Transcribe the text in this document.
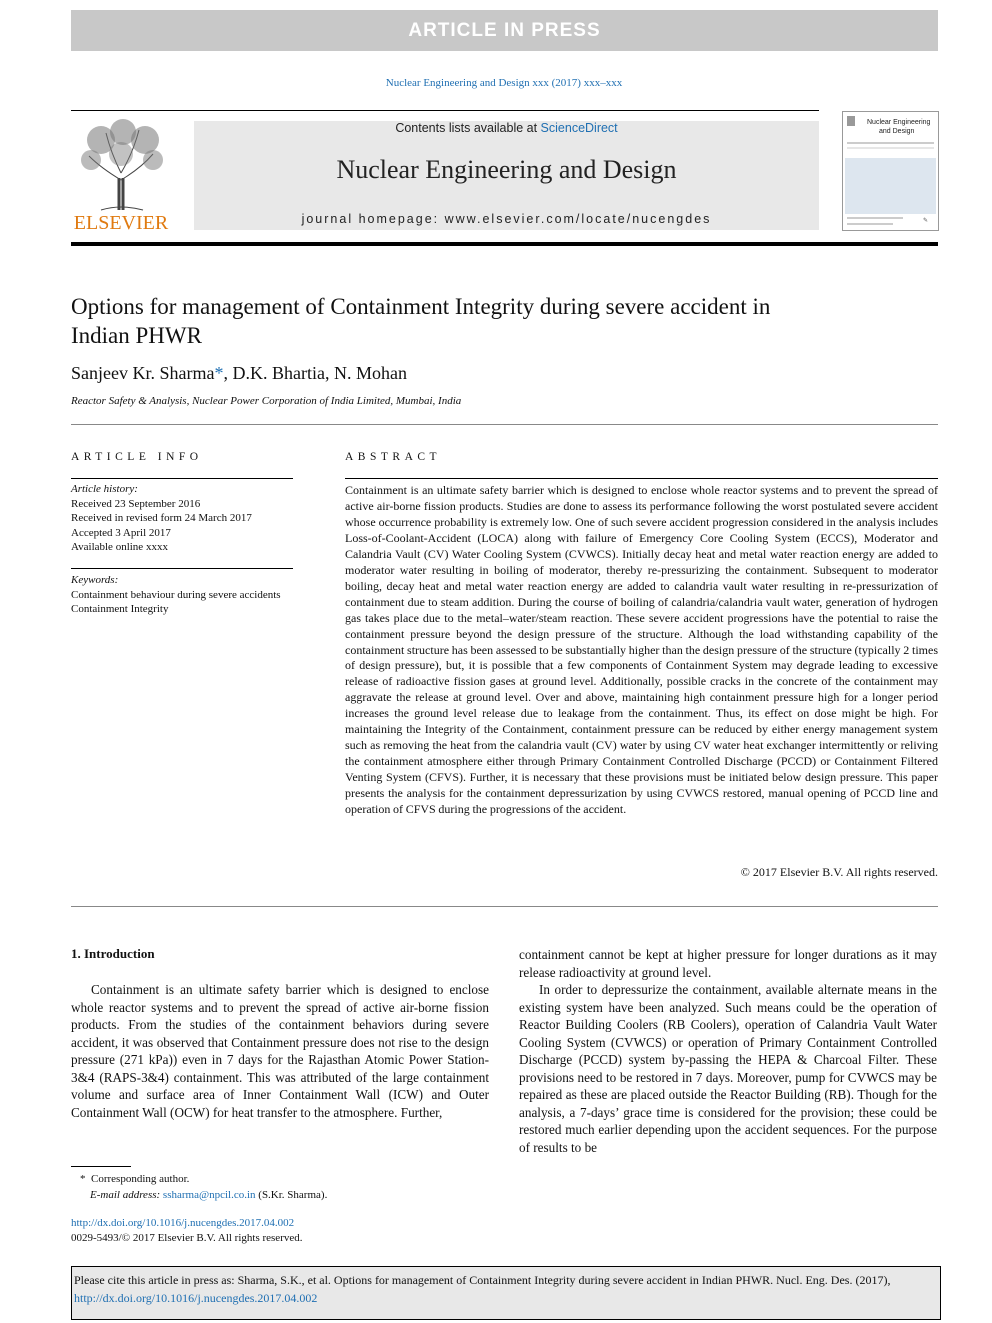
ARTICLE IN PRESS
Nuclear Engineering and Design xxx (2017) xxx–xxx
ELSEVIER
Contents lists available at ScienceDirect
Nuclear Engineering and Design
journal homepage: www.elsevier.com/locate/nucengdes
Nuclear Engineering
and Design
✎
Options for management of Containment Integrity during severe accident in Indian PHWR
Sanjeev Kr. Sharma*, D.K. Bhartia, N. Mohan
Reactor Safety & Analysis, Nuclear Power Corporation of India Limited, Mumbai, India
ARTICLE INFO	ABSTRACT
Article history:
Received 23 September 2016
Received in revised form 24 March 2017
Accepted 3 April 2017
Available online xxxx
Keywords:
Containment behaviour during severe accidents
Containment Integrity
Containment is an ultimate safety barrier which is designed to enclose whole reactor systems and to prevent the spread of active air-borne fission products. Studies are done to assess its performance following the worst postulated severe accident whose occurrence probability is extremely low. One of such severe accident progression considered in the analysis includes Loss-of-Coolant-Accident (LOCA) along with failure of Emergency Core Cooling System (ECCS), Moderator and Calandria Vault (CV) Water Cooling System (CVWCS). Initially decay heat and metal water reaction energy are added to moderator water resulting in boiling of moderator, thereby re-pressurizing the containment. Subsequent to moderator boiling, decay heat and metal water reaction energy are added to calandria vault water resulting in re-pressurization of containment due to steam addition. During the course of boiling of calandria/calandria vault water, generation of hydrogen gas takes place due to the metal–water/steam reaction. These severe accident progressions have the potential to raise the containment pressure beyond the design pressure of the structure. Although the load withstanding capability of the containment structure has been assessed to be substantially higher than the design pressure of the structure (typically 2 times of design pressure), but, it is possible that a few components of Containment System may degrade leading to excessive release of radioactive fission gases at ground level. Additionally, possible cracks in the concrete of the containment may aggravate the release at ground level. Over and above, maintaining high containment pressure high for a longer period increases the ground level release due to leakage from the containment. Thus, its effect on dose might be high. For maintaining the Integrity of the Containment, containment pressure can be reduced by either energy management system such as removing the heat from the calandria vault (CV) water by using CV water heat exchanger intermittently or reliving the containment atmosphere either through Primary Containment Controlled Discharge (PCCD) or Containment Filtered Venting System (CFVS). Further, it is necessary that these provisions must be initiated below design pressure. This paper presents the analysis for the containment depressurization by using CVWCS restored, manual opening of PCCD line and operation of CFVS during the progressions of the accident.
© 2017 Elsevier B.V. All rights reserved.
1. Introduction
Containment is an ultimate safety barrier which is designed to enclose whole reactor systems and to prevent the spread of active air-borne fission products. From the studies of the containment behaviors during severe accident, it was observed that Containment pressure does not rise to the design pressure (271 kPa)) even in 7 days for the Rajasthan Atomic Power Station-3&4 (RAPS-3&4) containment. This was attributed of the large containment volume and surface area of Inner Containment Wall (ICW) and Outer Containment Wall (OCW) for heat transfer to the atmosphere. Further,

containment cannot be kept at higher pressure for longer durations as it may release radioactivity at ground level.

In order to depressurize the containment, available alternate means in the existing system have been analyzed. Such means could be the operation of Reactor Building Coolers (RB Coolers), operation of Calandria Vault Water Cooling System (CVWCS) or operation of Primary Containment Controlled Discharge (PCCD) system by-passing the HEPA & Charcoal Filter. These provisions need to be restored in 7 days. Moreover, pump for CVWCS may be repaired as these are placed outside the Reactor Building (RB). Though for the analysis, a 7-days’ grace time is considered for the provision; these could be restored much earlier depending upon the accident sequences. For the purpose of results to be

* Corresponding author.
E-mail address: ssharma@npcil.co.in (S.Kr. Sharma).
http://dx.doi.org/10.1016/j.nucengdes.2017.04.002
0029-5493/© 2017 Elsevier B.V. All rights reserved.
Please cite this article in press as: Sharma, S.K., et al. Options for management of Containment Integrity during severe accident in Indian PHWR. Nucl. Eng. Des. (2017), http://dx.doi.org/10.1016/j.nucengdes.2017.04.002
